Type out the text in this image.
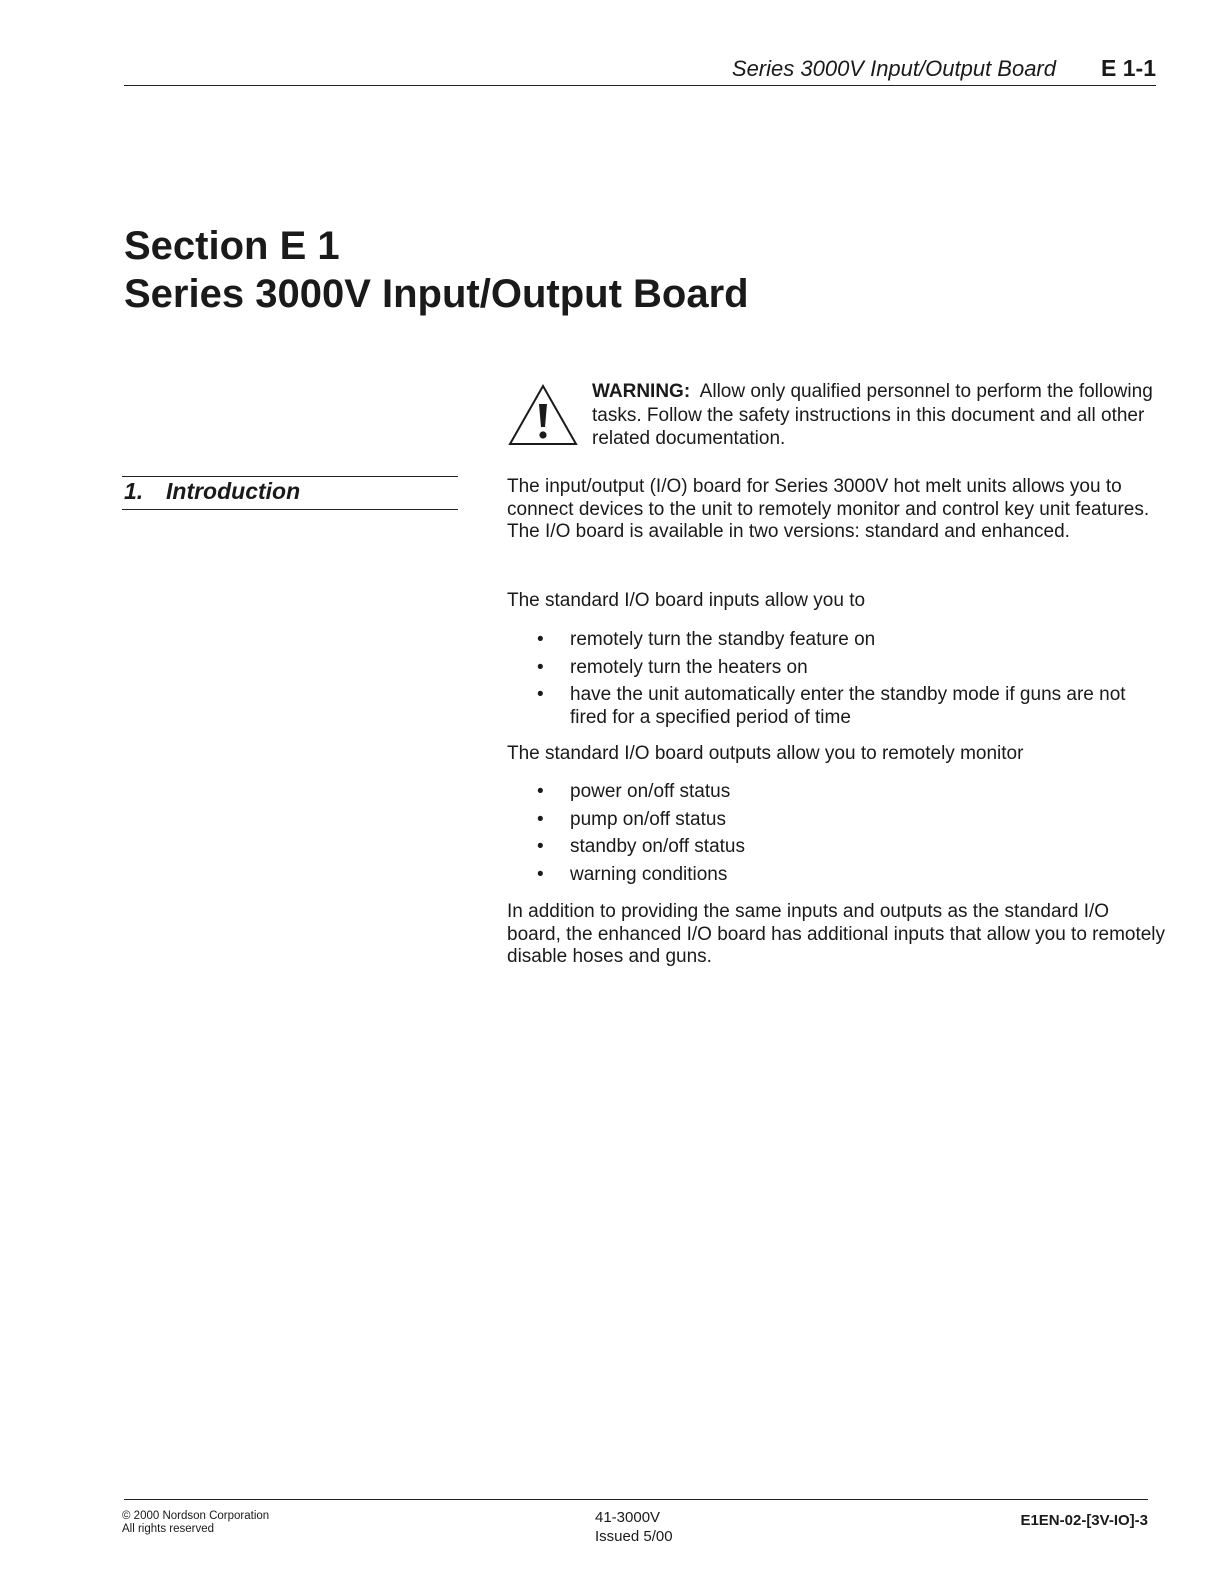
Series 3000V Input/Output Board E 1-1
Section E 1
Series 3000V Input/Output Board
WARNING: Allow only qualified personnel to perform the following tasks. Follow the safety instructions in this document and all other related documentation.
1. Introduction	The input/output (I/O) board for Series 3000V hot melt units allows you to connect devices to the unit to remotely monitor and control key unit features. The I/O board is available in two versions: standard and enhanced.

The standard I/O board inputs allow you to

• remotely turn the standby feature on
• remotely turn the heaters on
• have the unit automatically enter the standby mode if guns are not fired for a specified period of time

The standard I/O board outputs allow you to remotely monitor

• power on/off status
• pump on/off status
• standby on/off status
• warning conditions

In addition to providing the same inputs and outputs as the standard I/O board, the enhanced I/O board has additional inputs that allow you to remotely disable hoses and guns.

© 2000 Nordson Corporation
All rights reserved
41-3000V
Issued 5/00
E1EN-02-[3V-IO]-3
